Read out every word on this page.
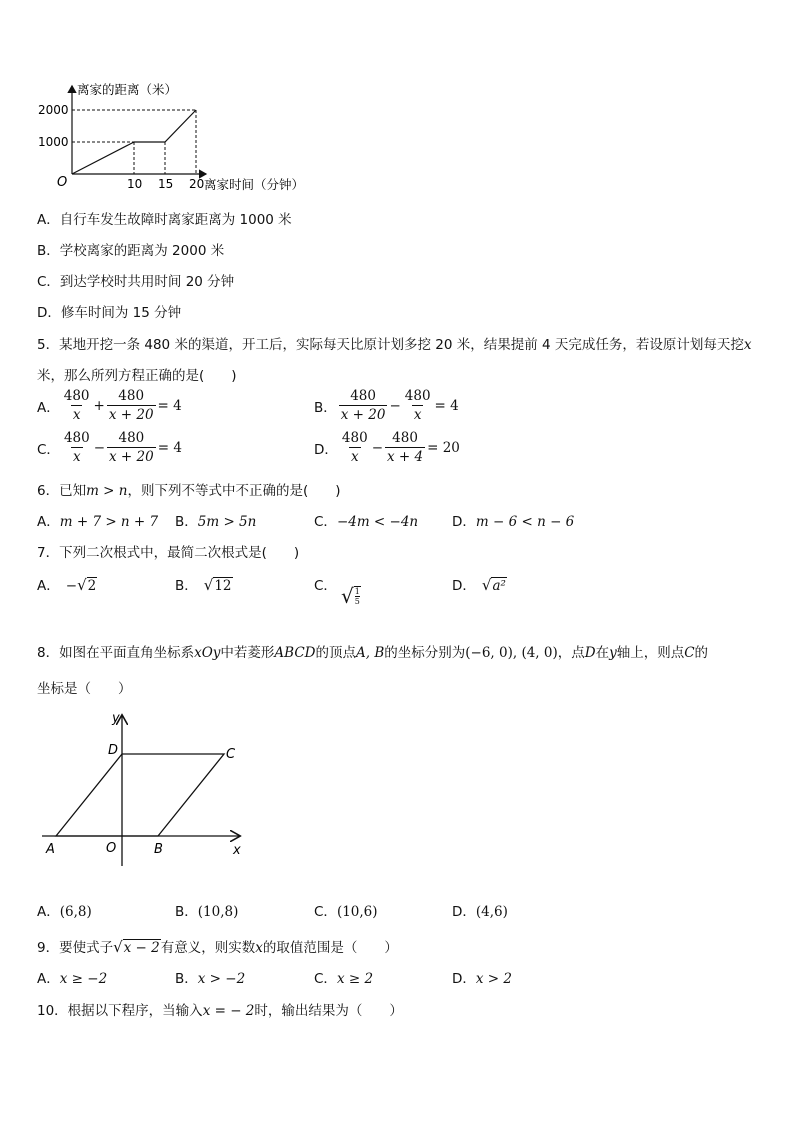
10 15 20
1000
2000
离家的距离（米）
离家时间（分钟）
O
A．自行车发生故障时离家距离为 1000 米
B．学校离家的距离为 2000 米
C．到达学校时共用时间 20 分钟
D．修车时间为 15 分钟
5．某地开挖一条 480 米的渠道，开工后，实际每天比原计划多挖 20 米，结果提前 4 天完成任务，若设原计划每天挖x
米，那么所列方程正确的是(　　)
A． $\frac{480}{x} + \frac{480}{x + 20} = 4$	B． $\frac{480}{x + 20} - \frac{480}{x} = 4$
C． $\frac{480}{x} - \frac{480}{x + 20} = 4$	D． $\frac{480}{x} - \frac{480}{x + 4} = 20$
6．已知m > n，则下列不等式中不正确的是(　　)
A．m + 7 > n + 7 B．5m > 5n	C．−4m < −4n	D．m − 6 < n − 6
7．下列二次根式中，最简二次根式是(　　)
A． − √ 2	B． √ 12	C． √ 1
5
D． √ a²
8．如图在平面直角坐标系xOy中若菱形ABCD的顶点A, B的坐标分别为(−6, 0), (4, 0)，点D在y轴上，则点C的
坐标是（　　）
y
x
D	C
A	O	B
A．(6,8)	B．(10,8)	C．(10,6)	D．(4,6)
9．要使式子 √ x − 2 有意义，则实数 x 的取值范围是（　　）
A．x ≥ −2	B．x > −2	C．x ≥ 2	D．x > 2
10．根据以下程序，当输入x = − 2时，输出结果为（　　）
